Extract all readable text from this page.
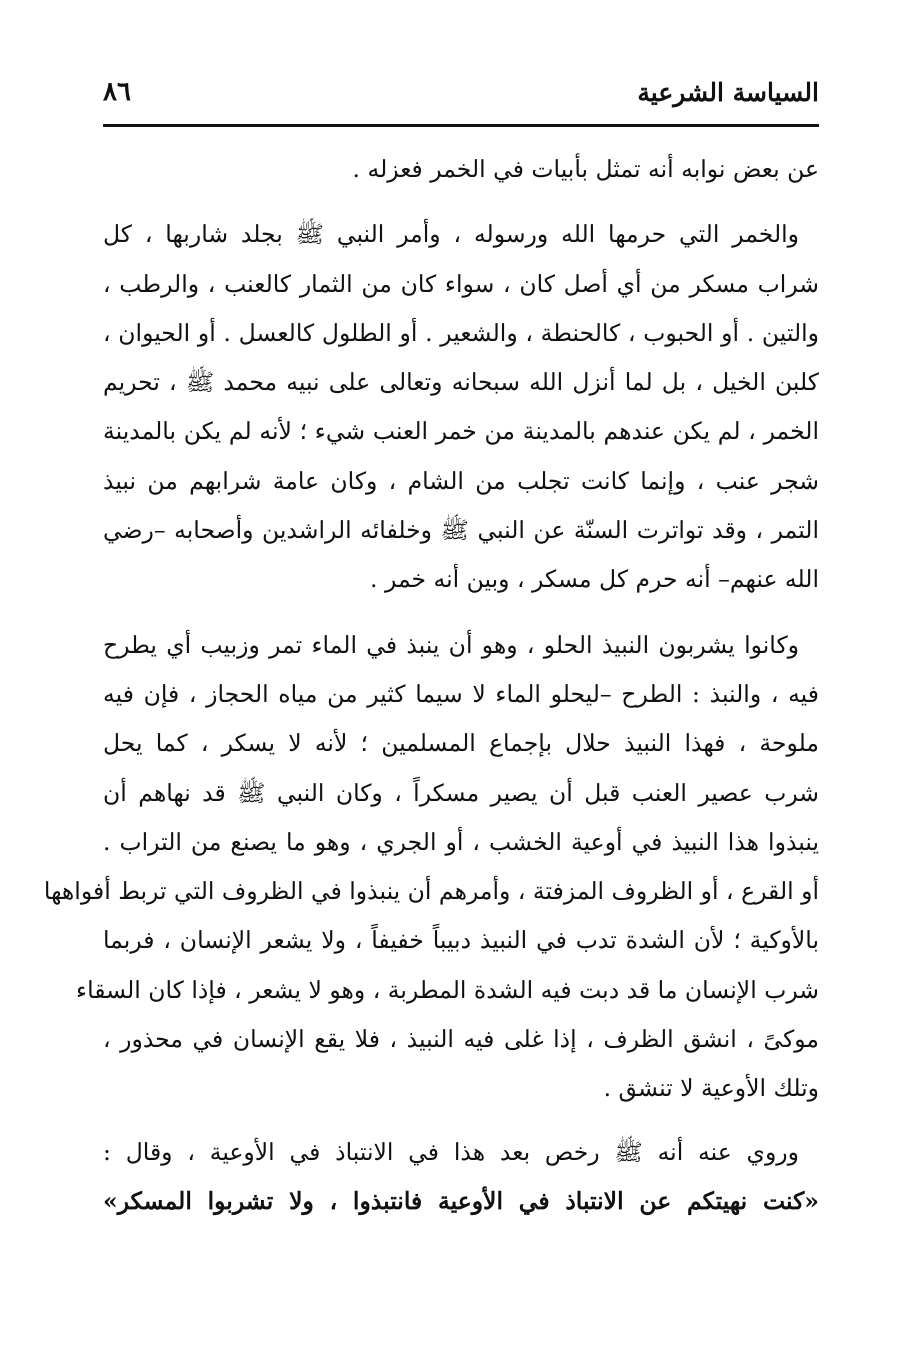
السياسة الشرعية
٨٦

عن بعض نوابه أنه تمثل بأبيات في الخمر فعزله .

والخمر التي حرمها الله ورسوله ، وأمر النبي ﷺ بجلد شاربها ، كل
شراب مسكر من أي أصل كان ، سواء كان من الثمار كالعنب ، والرطب ،
والتين . أو الحبوب ، كالحنطة ، والشعير . أو الطلول كالعسل . أو الحيوان ،
كلبن الخيل ، بل لما أنزل الله سبحانه وتعالى على نبيه محمد ﷺ ، تحريم
الخمر ، لم يكن عندهم بالمدينة من خمر العنب شيء ؛ لأنه لم يكن بالمدينة
شجر عنب ، وإنما كانت تجلب من الشام ، وكان عامة شرابهم من نبيذ
التمر ، وقد تواترت السنّة عن النبي ﷺ وخلفائه الراشدين وأصحابه –رضي
الله عنهم– أنه حرم كل مسكر ، وبين أنه خمر .

وكانوا يشربون النبيذ الحلو ، وهو أن ينبذ في الماء تمر وزبيب أي يطرح
فيه ، والنبذ : الطرح –ليحلو الماء لا سيما كثير من مياه الحجاز ، فإن فيه
ملوحة ، فهذا النبيذ حلال بإجماع المسلمين ؛ لأنه لا يسكر ، كما يحل
شرب عصير العنب قبل أن يصير مسكراً ، وكان النبي ﷺ قد نهاهم أن
ينبذوا هذا النبيذ في أوعية الخشب ، أو الجري ، وهو ما يصنع من التراب .
أو القرع ، أو الظروف المزفتة ، وأمرهم أن ينبذوا في الظروف التي تربط أفواهها
بالأوكية ؛ لأن الشدة تدب في النبيذ دبيباً خفيفاً ، ولا يشعر الإنسان ، فربما
شرب الإنسان ما قد دبت فيه الشدة المطربة ، وهو لا يشعر ، فإذا كان السقاء
موكىً ، انشق الظرف ، إذا غلى فيه النبيذ ، فلا يقع الإنسان في محذور ،
وتلك الأوعية لا تنشق .

وروي عنه أنه ﷺ رخص بعد هذا في الانتباذ في الأوعية ، وقال :
«كنت نهيتكم عن الانتباذ في الأوعية فانتبذوا ، ولا تشربوا المسكر»
